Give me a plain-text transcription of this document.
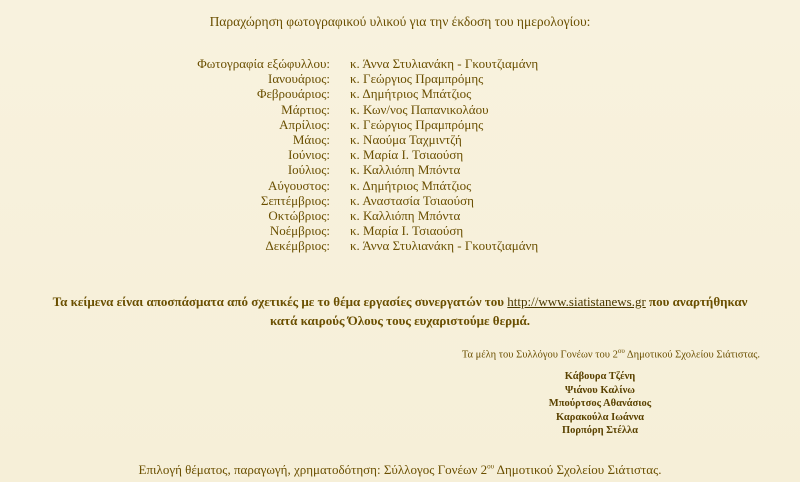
Παραχώρηση φωτογραφικού υλικού για την έκδοση του ημερολογίου:
Φωτογραφία εξώφυλλου:	κ. Άννα Στυλιανάκη - Γκουτζιαμάνη
Ιανουάριος:	κ. Γεώργιος Πραμπρόμης
Φεβρουάριος:	κ. Δημήτριος Μπάτζιος
Μάρτιος:	κ. Κων/νος Παπανικολάου
Απρίλιος:	κ. Γεώργιος Πραμπρόμης
Μάιος:	κ. Ναούμα Ταχμιντζή
Ιούνιος:	κ. Μαρία Ι. Τσιαούση
Ιούλιος:	κ. Καλλιόπη Μπόντα
Αύγουστος:	κ. Δημήτριος Μπάτζιος
Σεπτέμβριος:	κ. Αναστασία Τσιαούση
Οκτώβριος:	κ. Καλλιόπη Μπόντα
Νοέμβριος:	κ. Μαρία Ι. Τσιαούση
Δεκέμβριος:	κ. Άννα Στυλιανάκη - Γκουτζιαμάνη
Τα κείμενα είναι αποσπάσματα από σχετικές με το θέμα εργασίες συνεργατών του http://www.siatistanews.gr που αναρτήθηκαν
κατά καιρούς Όλους τους ευχαριστούμε θερμά.
Τα μέλη του Συλλόγου Γονέων του $2^{o\upsilon}$ Δημοτικού Σχολείου Σιάτιστας.
Κάβουρα Τζένη
Ψιάνου Καλίνω
Μπούρτσος Αθανάσιος
Καρακούλα Ιωάννα
Πορπόρη Στέλλα
Επιλογή θέματος, παραγωγή, χρηματοδότηση: Σύλλογος Γονέων $2^{o\upsilon}$ Δημοτικού Σχολείου Σιάτιστας.
